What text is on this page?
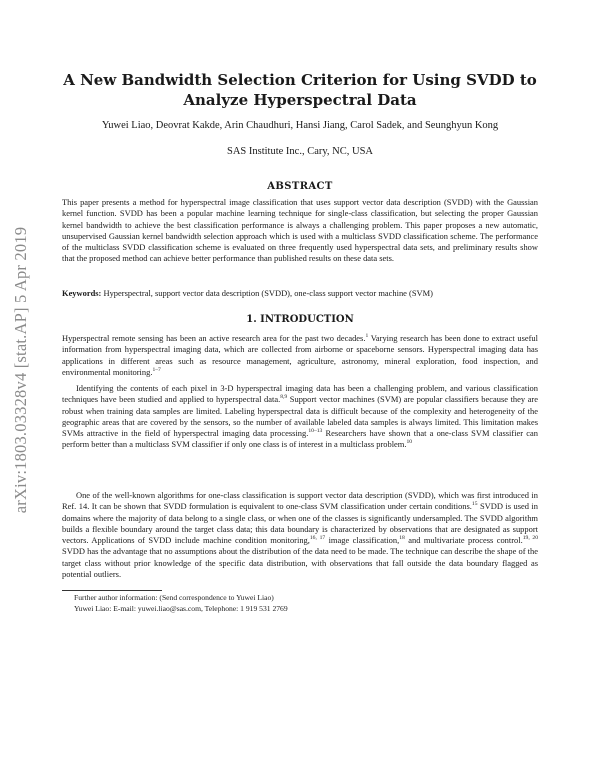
arXiv:1803.03328v4 [stat.AP] 5 Apr 2019
A New Bandwidth Selection Criterion for Using SVDD to
Analyze Hyperspectral Data
Yuwei Liao, Deovrat Kakde, Arin Chaudhuri, Hansi Jiang, Carol Sadek, and Seunghyun Kong
SAS Institute Inc., Cary, NC, USA
ABSTRACT
This paper presents a method for hyperspectral image classification that uses support vector data description (SVDD) with the Gaussian kernel function. SVDD has been a popular machine learning technique for single-class classification, but selecting the proper Gaussian kernel bandwidth to achieve the best classification performance is always a challenging problem. This paper proposes a new automatic, unsupervised Gaussian kernel bandwidth selection approach which is used with a multiclass SVDD classification scheme. The performance of the multiclass SVDD classification scheme is evaluated on three frequently used hyperspectral data sets, and preliminary results show that the proposed method can achieve better performance than published results on these data sets.
Keywords: Hyperspectral, support vector data description (SVDD), one-class support vector machine (SVM)
1. INTRODUCTION
Hyperspectral remote sensing has been an active research area for the past two decades.$^1$ Varying research has been done to extract useful information from hyperspectral imaging data, which are collected from airborne or spaceborne sensors. Hyperspectral imaging data has applications in different areas such as resource management, agriculture, astronomy, mineral exploration, food inspection, and environmental monitoring.$^{1-7}$
Identifying the contents of each pixel in 3-D hyperspectral imaging data has been a challenging problem, and various classification techniques have been studied and applied to hyperspectral data.$^{8,9}$ Support vector machines (SVM) are popular classifiers because they are robust when training data samples are limited. Labeling hyperspectral data is difficult because of the complexity and heterogeneity of the geographic areas that are covered by the sensors, so the number of available labeled data samples is always limited. This limitation makes SVMs attractive in the field of hyperspectral imaging data processing.$^{10-13}$ Researchers have shown that a one-class SVM classifier can perform better than a multiclass SVM classifier if only one class is of interest in a multiclass problem.$^{10}$
One of the well-known algorithms for one-class classification is support vector data description (SVDD), which was first introduced in Ref. 14. It can be shown that SVDD formulation is equivalent to one-class SVM classification under certain conditions.$^{15}$ SVDD is used in domains where the majority of data belong to a single class, or when one of the classes is significantly undersampled. The SVDD algorithm builds a flexible boundary around the target class data; this data boundary is characterized by observations that are designated as support vectors. Applications of SVDD include machine condition monitoring,$^{16, 17}$ image classification,$^{18}$ and multivariate process control.$^{19, 20}$ SVDD has the advantage that no assumptions about the distribution of the data need to be made. The technique can describe the shape of the target class without prior knowledge of the specific data distribution, with observations that fall outside the data boundary flagged as potential outliers.
Further author information: (Send correspondence to Yuwei Liao)
Yuwei Liao: E-mail: yuwei.liao@sas.com, Telephone: 1 919 531 2769
